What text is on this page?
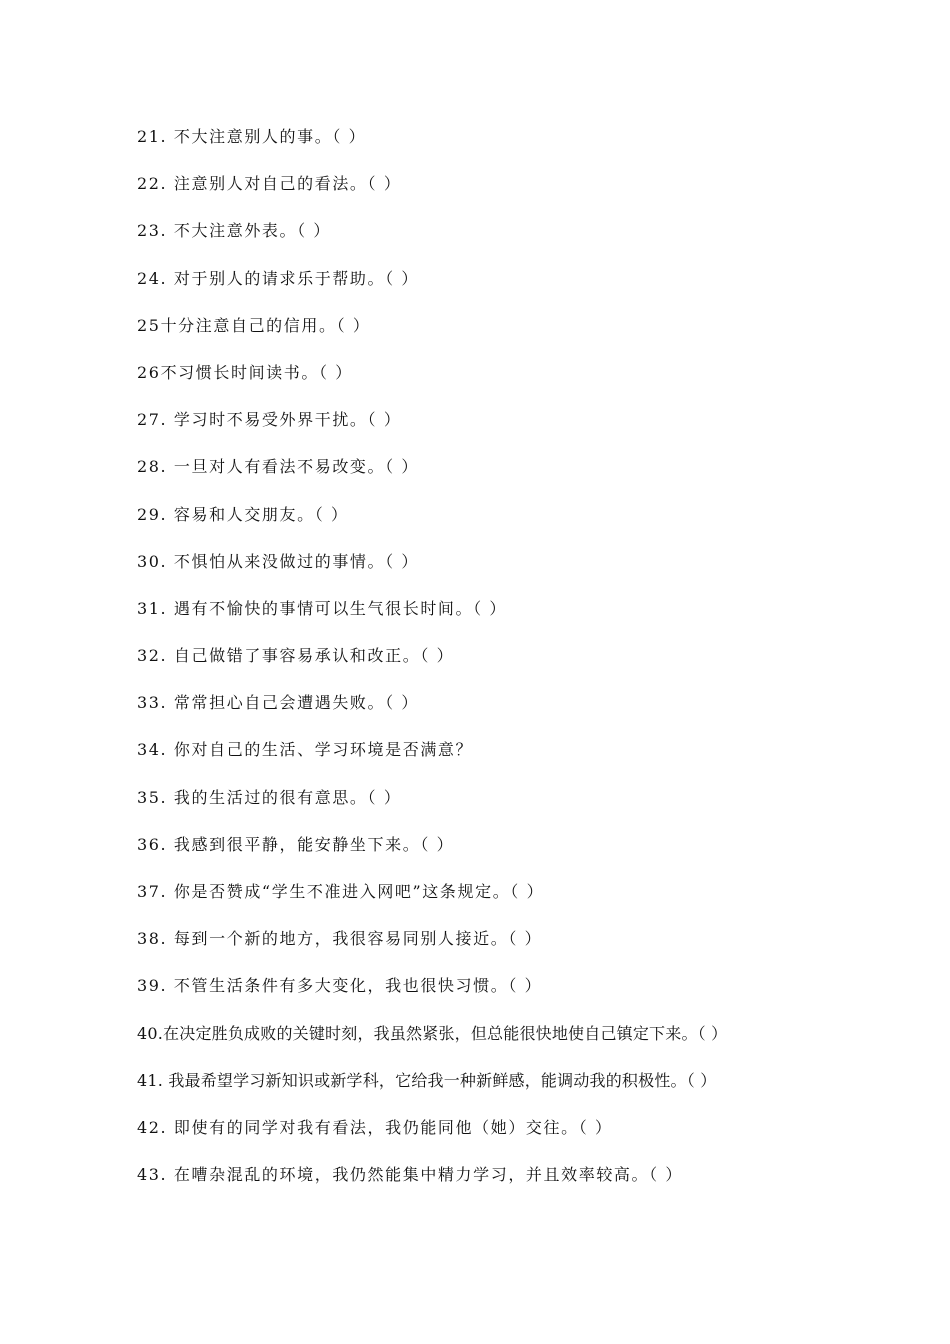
21. 不大注意别人的事。（ ）
22. 注意别人对自己的看法。（ ）
23. 不大注意外表。（ ）
24. 对于别人的请求乐于帮助。（ ）
25十分注意自己的信用。（ ）
26不习惯长时间读书。（ ）
27. 学习时不易受外界干扰。（ ）
28. 一旦对人有看法不易改变。（ ）
29. 容易和人交朋友。（ ）
30. 不惧怕从来没做过的事情。（ ）
31. 遇有不愉快的事情可以生气很长时间。（ ）
32. 自己做错了事容易承认和改正。（ ）
33. 常常担心自己会遭遇失败。（ ）
34. 你对自己的生活、学习环境是否满意？
35. 我的生活过的很有意思。（ ）
36. 我感到很平静，能安静坐下来。（ ）
37. 你是否赞成“学生不准进入网吧”这条规定。（ ）
38. 每到一个新的地方，我很容易同别人接近。（ ）
39. 不管生活条件有多大变化，我也很快习惯。（ ）
40.在决定胜负成败的关键时刻，我虽然紧张，但总能很快地使自己镇定下来。（ ）
41. 我最希望学习新知识或新学科，它给我一种新鲜感，能调动我的积极性。（ ）
42. 即使有的同学对我有看法，我仍能同他（她）交往。（ ）
43. 在嘈杂混乱的环境，我仍然能集中精力学习，并且效率较高。（ ）
